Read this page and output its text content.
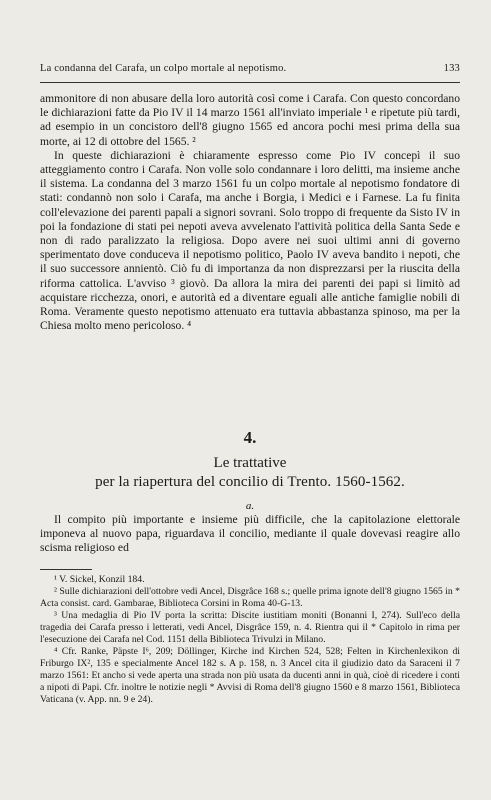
La condanna del Carafa, un colpo mortale al nepotismo.	133

ammonitore di non abusare della loro autorità così come i Carafa. Con questo concordano le dichiarazioni fatte da Pio IV il 14 marzo 1561 all'inviato imperiale ¹ e ripetute più tardi, ad esempio in un concistoro dell'8 giugno 1565 ed ancora pochi mesi prima della sua morte, ai 12 di ottobre del 1565. ²

In queste dichiarazioni è chiaramente espresso come Pio IV concepì il suo atteggiamento contro i Carafa. Non volle solo condannare i loro delitti, ma insieme anche il sistema. La condanna del 3 marzo 1561 fu un colpo mortale al nepotismo fondatore di stati: condannò non solo i Carafa, ma anche i Borgia, i Medici e i Farnese. La fu finita coll'elevazione dei parenti papali a signori sovrani. Solo troppo di frequente da Sisto IV in poi la fondazione di stati pei nepoti aveva avvelenato l'attività politica della Santa Sede e non di rado paralizzato la religiosa. Dopo avere nei suoi ultimi anni di governo sperimentato dove conduceva il nepotismo politico, Paolo IV aveva bandito i nepoti, che il suo successore annientò. Ciò fu di importanza da non disprezzarsi per la riuscita della riforma cattolica. L'avviso ³ giovò. Da allora la mira dei parenti dei papi si limitò ad acquistare ricchezza, onori, e autorità ed a diventare eguali alle antiche famiglie nobili di Roma. Veramente questo nepotismo attenuato era tuttavia abbastanza spinoso, ma per la Chiesa molto meno pericoloso. ⁴

4.
Le trattative
per la riapertura del concilio di Trento. 1560-1562.
a.

Il compito più importante e insieme più difficile, che la capitolazione elettorale imponeva al nuovo papa, riguardava il concilio, mediante il quale dovevasi reagire allo scisma religioso ed

¹ V. Sickel, Konzil 184.

² Sulle dichiarazioni dell'ottobre vedi Ancel, Disgrâce 168 s.; quelle prima ignote dell'8 giugno 1565 in * Acta consist. card. Gambarae, Biblioteca Corsini in Roma 40-G-13.

³ Una medaglia di Pio IV porta la scritta: Discite iustitiam moniti (Bonanni I, 274). Sull'eco della tragedia dei Carafa presso i letterati, vedi Ancel, Disgrâce 159, n. 4. Rientra qui il * Capitolo in rima per l'esecuzione dei Carafa nel Cod. 1151 della Biblioteca Trivulzi in Milano.

⁴ Cfr. Ranke, Päpste I⁶, 209; Döllinger, Kirche ind Kirchen 524, 528; Felten in Kirchenlexikon di Friburgo IX², 135 e specialmente Ancel 182 s. A p. 158, n. 3 Ancel cita il giudizio dato da Saraceni il 7 marzo 1561: Et ancho si vede aperta una strada non più usata da ducenti anni in quà, cioè di ricedere i conti a nipoti di Papi. Cfr. inoltre le notizie negli * Avvisi di Roma dell'8 giugno 1560 e 8 marzo 1561, Biblioteca Vaticana (v. App. nn. 9 e 24).
